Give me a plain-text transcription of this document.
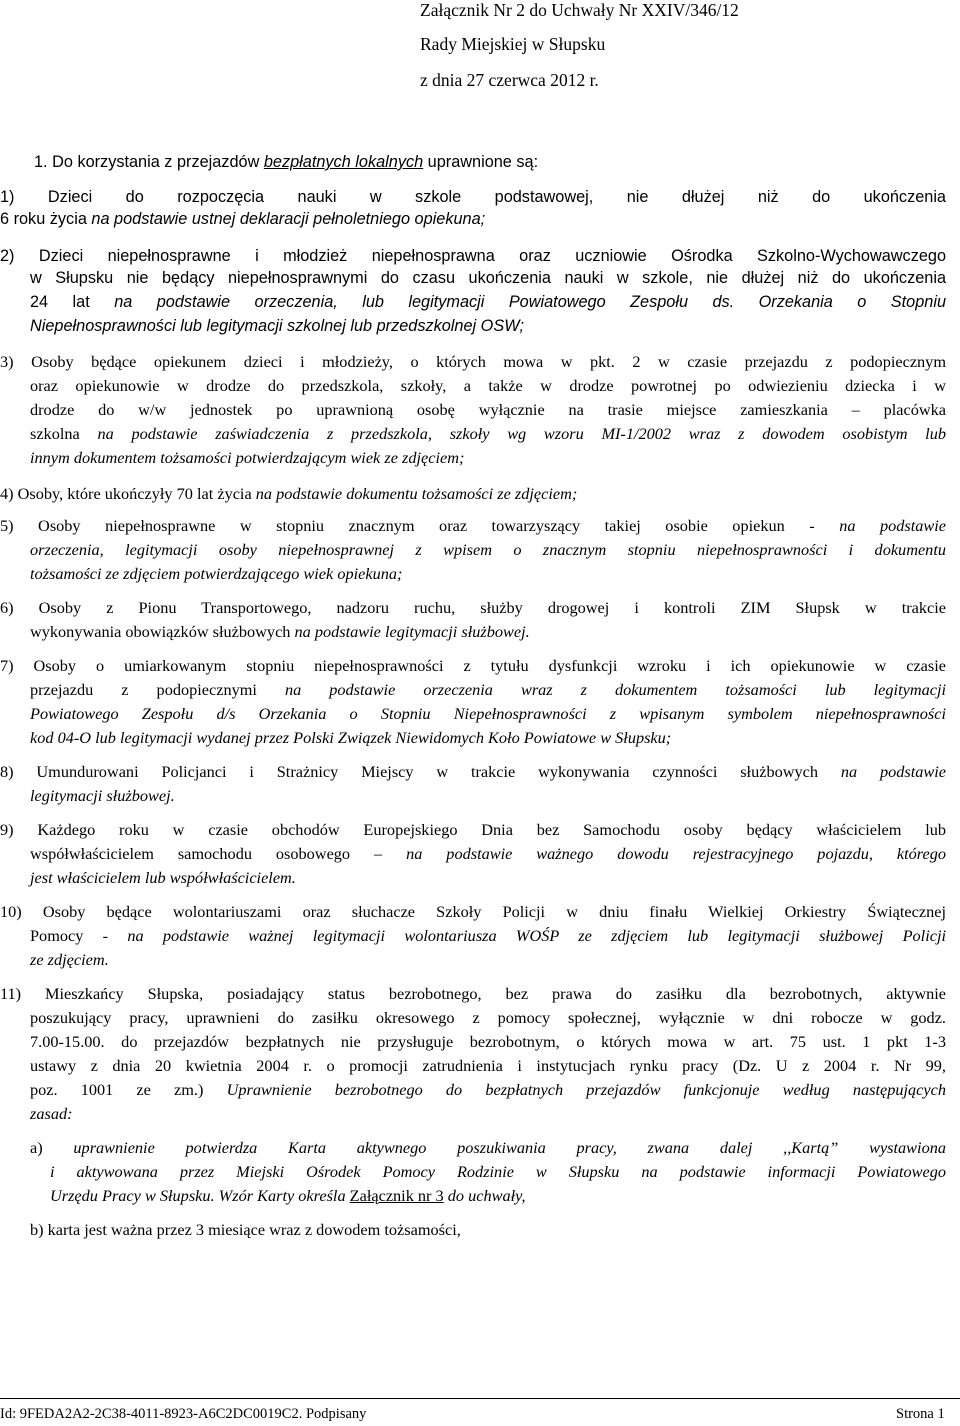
Załącznik Nr 2 do Uchwały Nr XXIV/346/12
Rady Miejskiej w Słupsku
z dnia 27 czerwca 2012 r.
1. Do korzystania z przejazdów bezpłatnych lokalnych uprawnione są:
1) Dzieci do rozpoczęcia nauki w szkole podstawowej, nie dłużej niż do ukończenia
6 roku życia na podstawie ustnej deklaracji pełnoletniego opiekuna;
2) Dzieci niepełnosprawne i młodzież niepełnosprawna oraz uczniowie Ośrodka Szkolno-Wychowawczego
w Słupsku nie będący niepełnosprawnymi do czasu ukończenia nauki w szkole, nie dłużej niż do ukończenia
24 lat na podstawie orzeczenia, lub legitymacji Powiatowego Zespołu ds. Orzekania o Stopniu
Niepełnosprawności lub legitymacji szkolnej lub przedszkolnej OSW;
3) Osoby będące opiekunem dzieci i młodzieży, o których mowa w pkt. 2 w czasie przejazdu z podopiecznym
oraz opiekunowie w drodze do przedszkola, szkoły, a także w drodze powrotnej po odwiezieniu dziecka i w
drodze do w/w jednostek po uprawnioną osobę wyłącznie na trasie miejsce zamieszkania – placówka
szkolna na podstawie zaświadczenia z przedszkola, szkoły wg wzoru MI-1/2002 wraz z dowodem osobistym lub
innym dokumentem tożsamości potwierdzającym wiek ze zdjęciem;
4) Osoby, które ukończyły 70 lat życia na podstawie dokumentu tożsamości ze zdjęciem;
5) Osoby niepełnosprawne w stopniu znacznym oraz towarzyszący takiej osobie opiekun - na podstawie
orzeczenia, legitymacji osoby niepełnosprawnej z wpisem o znacznym stopniu niepełnosprawności i dokumentu
tożsamości ze zdjęciem potwierdzającego wiek opiekuna;
6) Osoby z Pionu Transportowego, nadzoru ruchu, służby drogowej i kontroli ZIM Słupsk w trakcie
wykonywania obowiązków służbowych na podstawie legitymacji służbowej.
7) Osoby o umiarkowanym stopniu niepełnosprawności z tytułu dysfunkcji wzroku i ich opiekunowie w czasie
przejazdu z podopiecznymi na podstawie orzeczenia wraz z dokumentem tożsamości lub legitymacji
Powiatowego Zespołu d/s Orzekania o Stopniu Niepełnosprawności z wpisanym symbolem niepełnosprawności
kod 04-O lub legitymacji wydanej przez Polski Związek Niewidomych Koło Powiatowe w Słupsku;
8) Umundurowani Policjanci i Strażnicy Miejscy w trakcie wykonywania czynności służbowych na podstawie
legitymacji służbowej.
9) Każdego roku w czasie obchodów Europejskiego Dnia bez Samochodu osoby będący właścicielem lub
współwłaścicielem samochodu osobowego – na podstawie ważnego dowodu rejestracyjnego pojazdu, którego
jest właścicielem lub współwłaścicielem.
10) Osoby będące wolontariuszami oraz słuchacze Szkoły Policji w dniu finału Wielkiej Orkiestry Świątecznej
Pomocy - na podstawie ważnej legitymacji wolontariusza WOŚP ze zdjęciem lub legitymacji służbowej Policji
ze zdjęciem.
11) Mieszkańcy Słupska, posiadający status bezrobotnego, bez prawa do zasiłku dla bezrobotnych, aktywnie
poszukujący pracy, uprawnieni do zasiłku okresowego z pomocy społecznej, wyłącznie w dni robocze w godz.
7.00-15.00. do przejazdów bezpłatnych nie przysługuje bezrobotnym, o których mowa w art. 75 ust. 1 pkt 1-3
ustawy z dnia 20 kwietnia 2004 r. o promocji zatrudnienia i instytucjach rynku pracy (Dz. U z 2004 r. Nr 99,
poz. 1001 ze zm.) Uprawnienie bezrobotnego do bezpłatnych przejazdów funkcjonuje według następujących
zasad:
a) uprawnienie potwierdza Karta aktywnego poszukiwania pracy, zwana dalej ,,Kartą” wystawiona
i aktywowana przez Miejski Ośrodek Pomocy Rodzinie w Słupsku na podstawie informacji Powiatowego
Urzędu Pracy w Słupsku. Wzór Karty określa Załącznik nr 3 do uchwały,
b) karta jest ważna przez 3 miesiące wraz z dowodem tożsamości,
Id: 9FEDA2A2-2C38-4011-8923-A6C2DC0019C2. Podpisany	Strona 1
